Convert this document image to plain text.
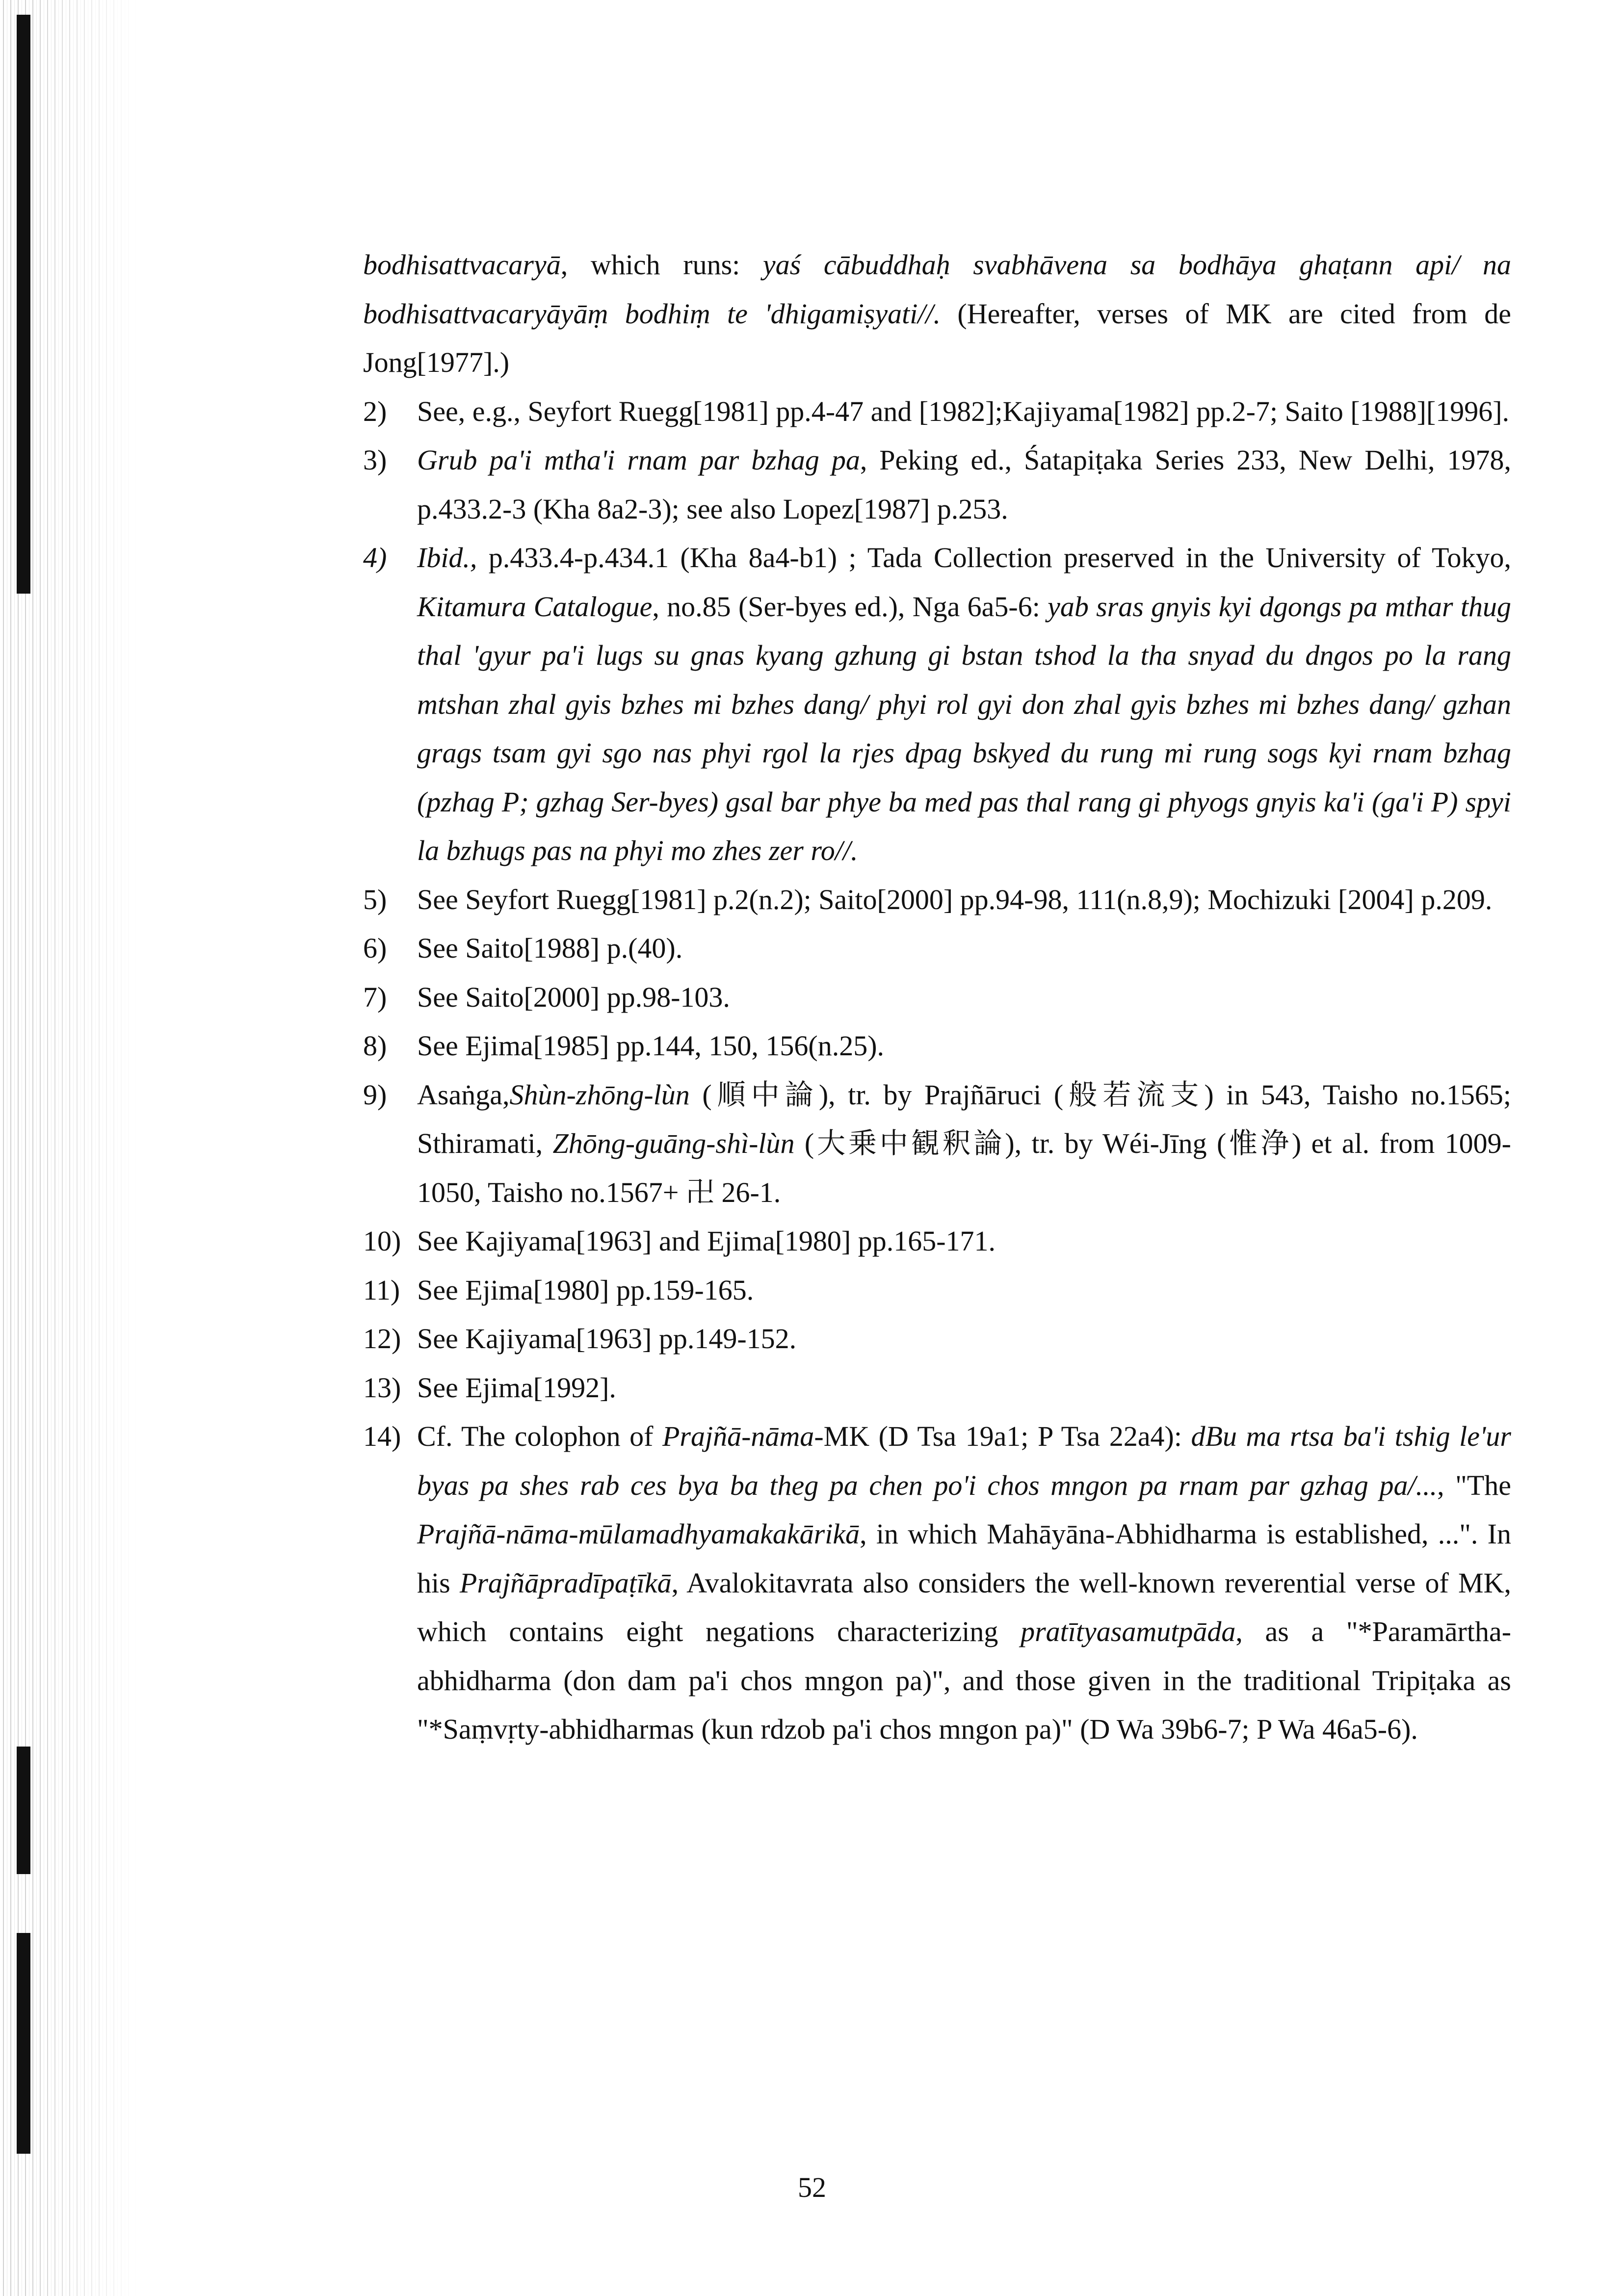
bodhisattvacaryā, which runs: yaś cābuddhaḥ svabhāvena sa bodhāya ghaṭann api/ na bodhisattvacaryāyāṃ bodhiṃ te 'dhigamiṣyati//. (Hereafter, verses of MK are cited from de Jong[1977].)

2)	See, e.g., Seyfort Ruegg[1981] pp.4-47 and [1982];Kajiyama[1982] pp.2-7; Saito [1988][1996].
3)	Grub pa'i mtha'i rnam par bzhag pa, Peking ed., Śatapiṭaka Series 233, New Delhi, 1978, p.433.2-3 (Kha 8a2-3); see also Lopez[1987] p.253.
4)	Ibid., p.433.4-p.434.1 (Kha 8a4-b1) ; Tada Collection preserved in the University of Tokyo, Kitamura Catalogue, no.85 (Ser-byes ed.), Nga 6a5-6: yab sras gnyis kyi dgongs pa mthar thug thal 'gyur pa'i lugs su gnas kyang gzhung gi bstan tshod la tha snyad du dngos po la rang mtshan zhal gyis bzhes mi bzhes dang/ phyi rol gyi don zhal gyis bzhes mi bzhes dang/ gzhan grags tsam gyi sgo nas phyi rgol la rjes dpag bskyed du rung mi rung sogs kyi rnam bzhag (pzhag P; gzhag Ser-byes) gsal bar phye ba med pas thal rang gi phyogs gnyis ka'i (ga'i P) spyi la bzhugs pas na phyi mo zhes zer ro//.
5)	See Seyfort Ruegg[1981] p.2(n.2); Saito[2000] pp.94-98, 111(n.8,9); Mochizuki [2004] p.209.
6)	See Saito[1988] p.(40).
7)	See Saito[2000] pp.98-103.
8)	See Ejima[1985] pp.144, 150, 156(n.25).
9)	Asaṅga,Shùn-zhōng-lùn (順中論), tr. by Prajñāruci (般若流支) in 543, Taisho no.1565; Sthiramati, Zhōng-guāng-shì-lùn (大乗中観釈論), tr. by Wéi-Jīng (惟浄) et al. from 1009-1050, Taisho no.1567+ 卍 26-1.
10) See Kajiyama[1963] and Ejima[1980] pp.165-171.
11) See Ejima[1980] pp.159-165.
12) See Kajiyama[1963] pp.149-152.
13) See Ejima[1992].
14) Cf. The colophon of Prajñā-nāma-MK (D Tsa 19a1; P Tsa 22a4): dBu ma rtsa ba'i tshig le'ur byas pa shes rab ces bya ba theg pa chen po'i chos mngon pa rnam par gzhag pa/..., "The Prajñā-nāma-mūlamadhyamakakārikā, in which Mahāyāna-Abhidharma is established, ...". In his Prajñāpradīpaṭīkā, Avalokitavrata also considers the well-known reverential verse of MK, which contains eight negations characterizing pratītyasamutpāda, as a "*Paramārtha-abhidharma (don dam pa'i chos mngon pa)", and those given in the traditional Tripiṭaka as "*Saṃvṛty-abhidharmas (kun rdzob pa'i chos mngon pa)" (D Wa 39b6-7; P Wa 46a5-6).
52
